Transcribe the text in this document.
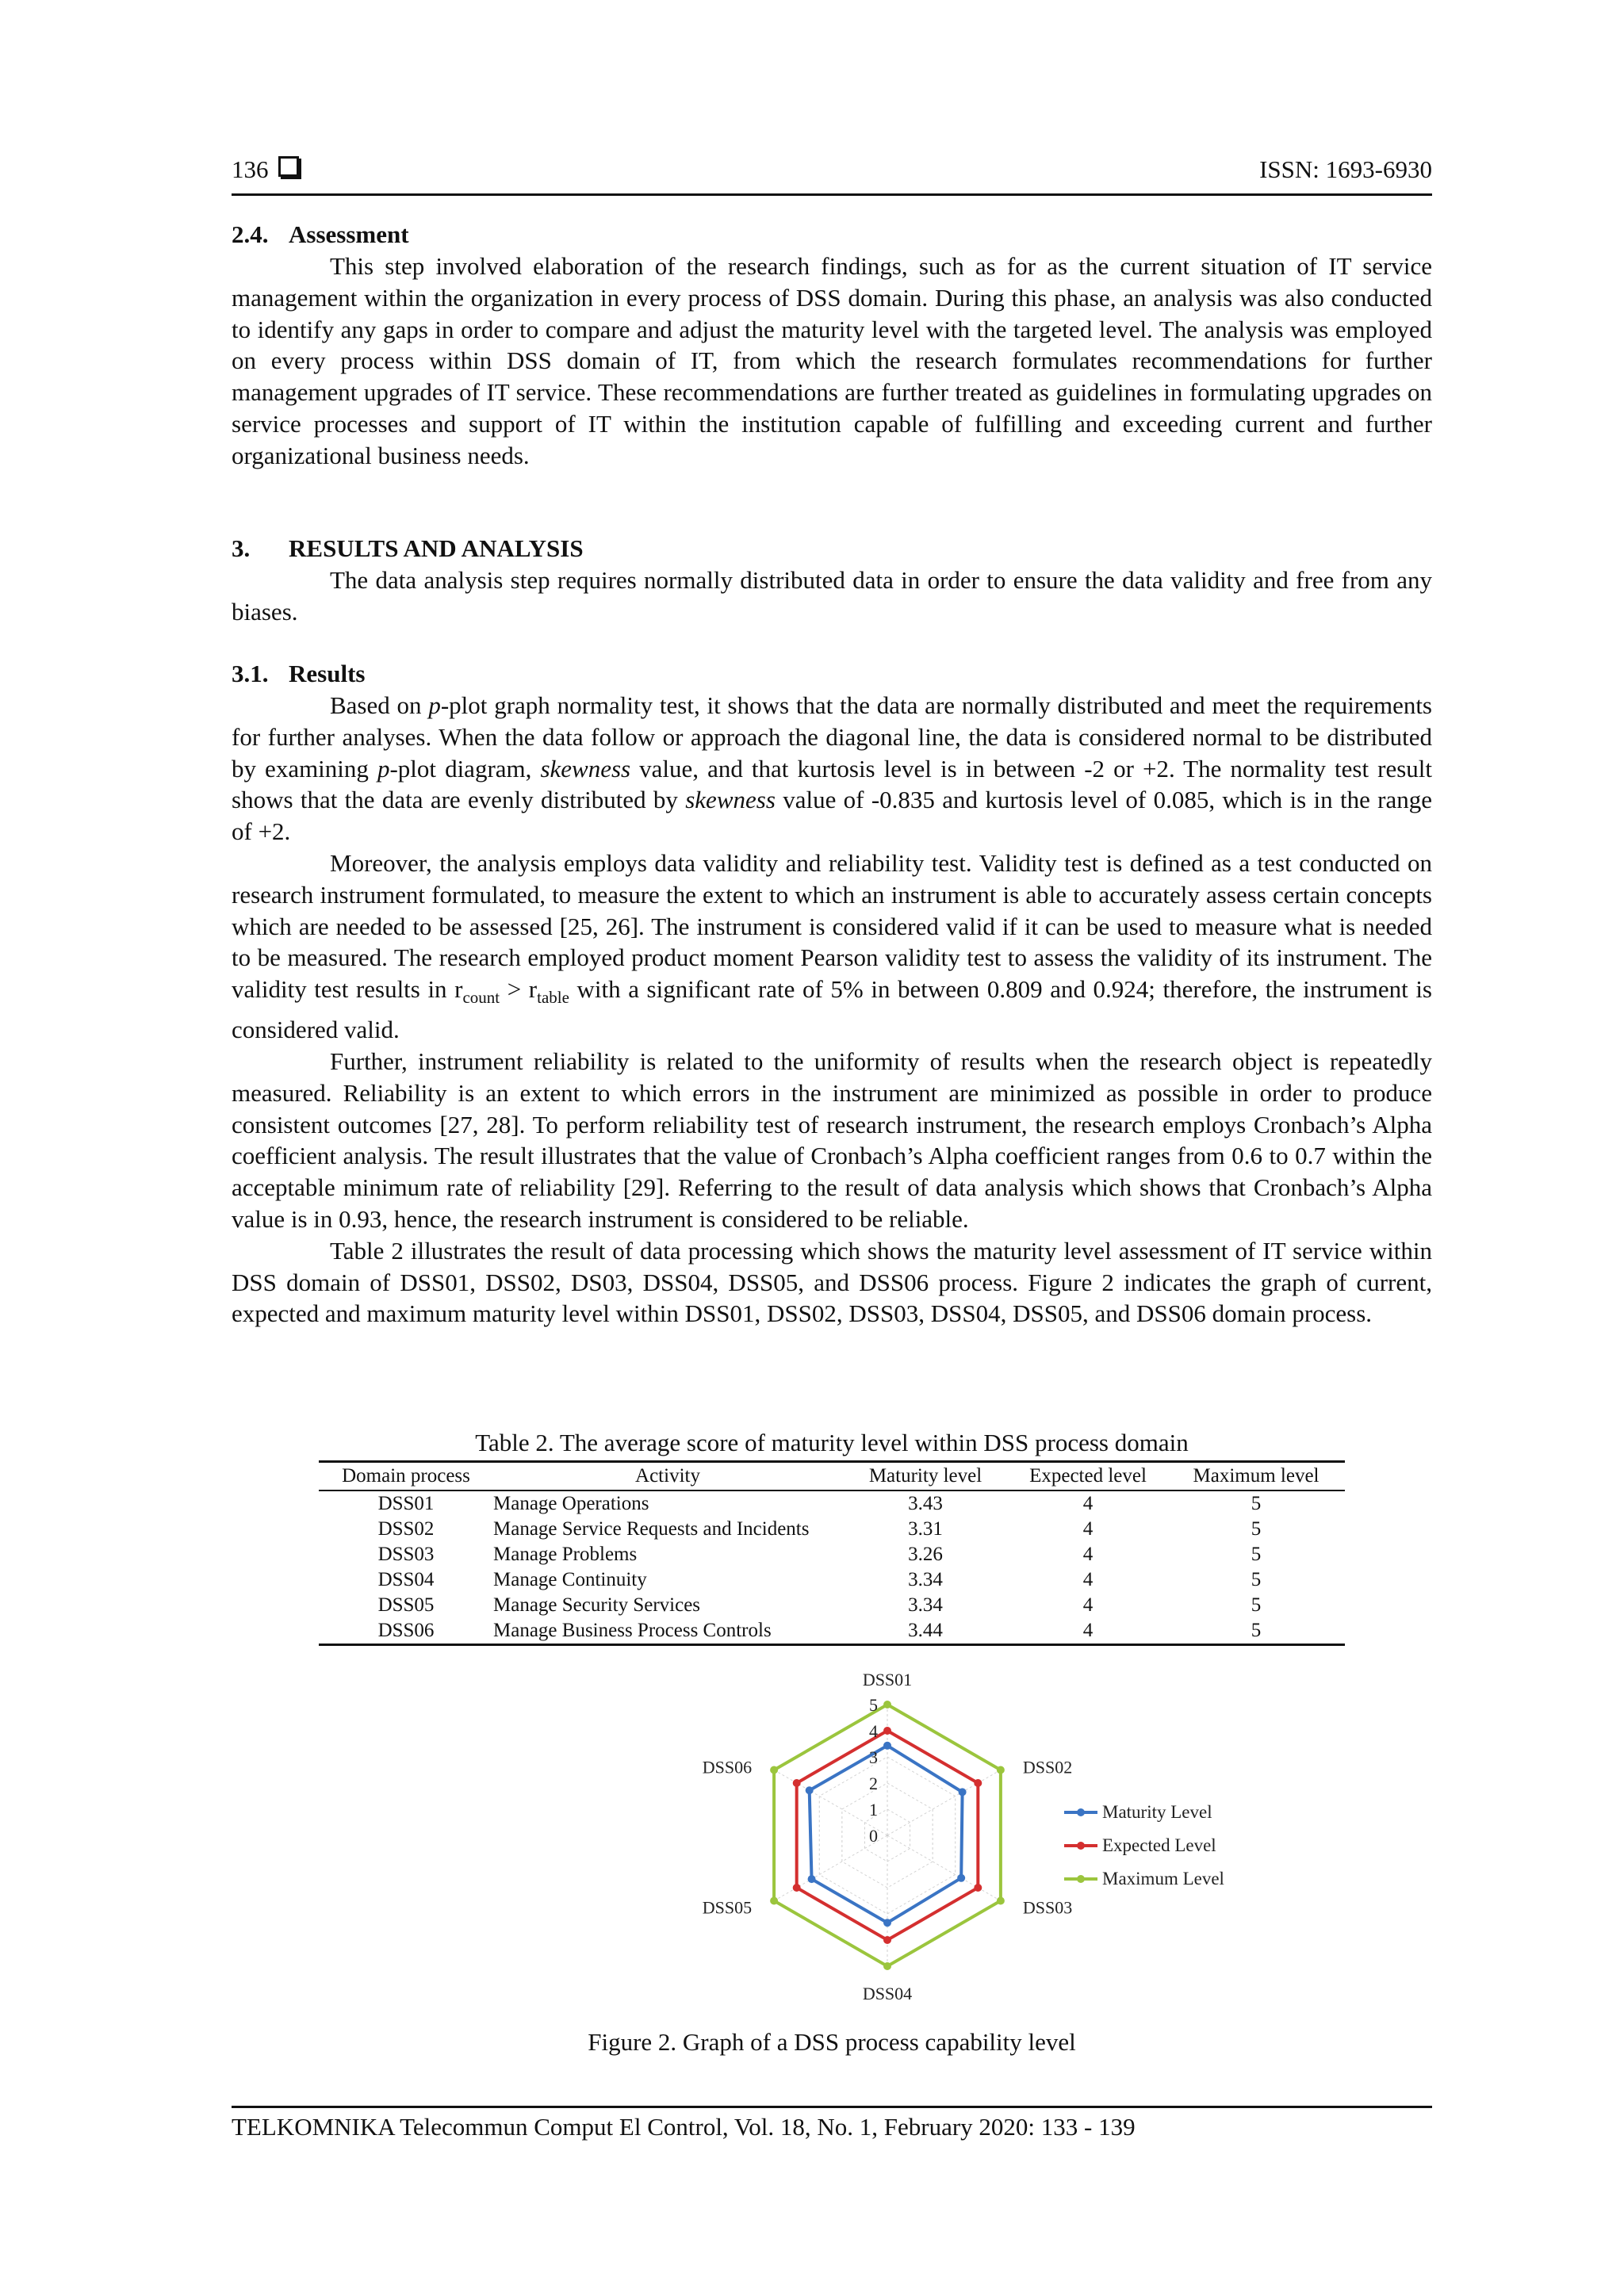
136	ISSN: 1693-6930

2.4. Assessment

This step involved elaboration of the research findings, such as for as the current situation of IT service management within the organization in every process of DSS domain. During this phase, an analysis was also conducted to identify any gaps in order to compare and adjust the maturity level with the targeted level. The analysis was employed on every process within DSS domain of IT, from which the research formulates recommendations for further management upgrades of IT service. These recommendations are further treated as guidelines in formulating upgrades on service processes and support of IT within the institution capable of fulfilling and exceeding current and further organizational business needs.

3. RESULTS AND ANALYSIS

The data analysis step requires normally distributed data in order to ensure the data validity and free from any biases.

3.1. Results

Based on p-plot graph normality test, it shows that the data are normally distributed and meet the requirements for further analyses. When the data follow or approach the diagonal line, the data is considered normal to be distributed by examining p-plot diagram, skewness value, and that kurtosis level is in between -2 or +2. The normality test result shows that the data are evenly distributed by skewness value of -0.835 and kurtosis level of 0.085, which is in the range of +2.

Moreover, the analysis employs data validity and reliability test. Validity test is defined as a test conducted on research instrument formulated, to measure the extent to which an instrument is able to accurately assess certain concepts which are needed to be assessed [25, 26]. The instrument is considered valid if it can be used to measure what is needed to be measured. The research employed product moment Pearson validity test to assess the validity of its instrument. The validity test results in $r_{count} > r_{table}$ with a significant rate of 5% in between 0.809 and 0.924; therefore, the instrument is considered valid.

Further, instrument reliability is related to the uniformity of results when the research object is repeatedly measured. Reliability is an extent to which errors in the instrument are minimized as possible in order to produce consistent outcomes [27, 28]. To perform reliability test of research instrument, the research employs Cronbach’s Alpha coefficient analysis. The result illustrates that the value of Cronbach’s Alpha coefficient ranges from 0.6 to 0.7 within the acceptable minimum rate of reliability [29]. Referring to the result of data analysis which shows that Cronbach’s Alpha value is in 0.93, hence, the research instrument is considered to be reliable.

Table 2 illustrates the result of data processing which shows the maturity level assessment of IT service within DSS domain of DSS01, DSS02, DS03, DSS04, DSS05, and DSS06 process. Figure 2 indicates the graph of current, expected and maximum maturity level within DSS01, DSS02, DSS03, DSS04, DSS05, and DSS06 domain process.

Table 2. The average score of maturity level within DSS process domain
Domain process	Activity	Maturity level	Expected level	Maximum level
DSS01	Manage Operations	3.43	4	5
DSS02	Manage Service Requests and Incidents	3.31	4	5
DSS03	Manage Problems	3.26	4	5
DSS04	Manage Continuity	3.34	4	5
DSS05	Manage Security Services	3.34	4	5
DSS06	Manage Business Process Controls	3.44	4	5
0
1
2
3
4
5
DSS01
DSS02
DSS03
DSS04
DSS05
DSS06
Maturity Level
Expected Level
Maximum Level
Figure 2. Graph of a DSS process capability level
TELKOMNIKA Telecommun Comput El Control, Vol. 18, No. 1, February 2020: 133 - 139
